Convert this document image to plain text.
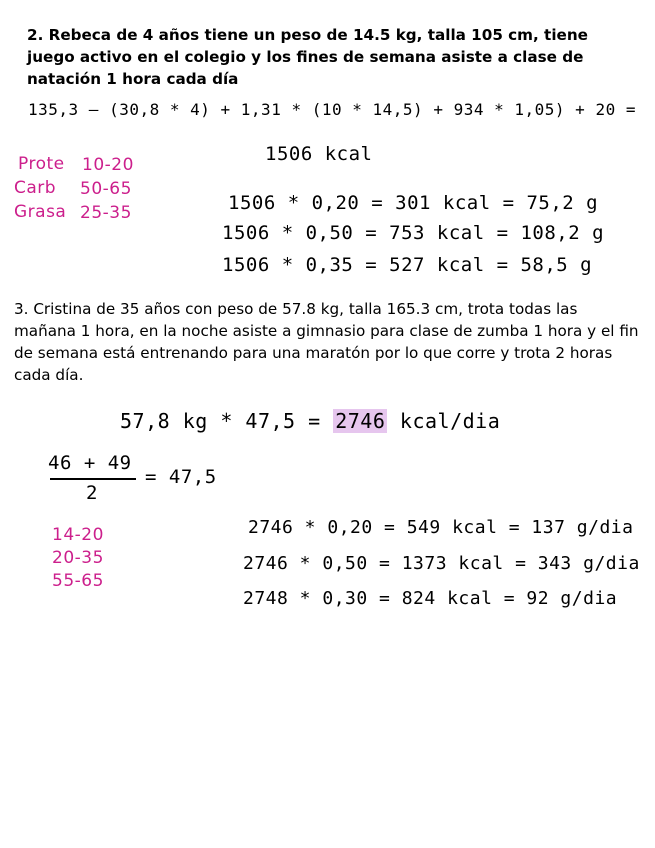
2. Rebeca de 4 años tiene un peso de 14.5 kg, talla 105 cm, tiene juego activo en el colegio y los fines de semana asiste a clase de natación 1 hora cada día
135,3 – (30,8 * 4) + 1,31 * (10 * 14,5) + 934 * 1,05) + 20 =
1506 kcal
Prote 10-20
Carb 50-65
Grasa 25-35	1506 * 0,20 = 301 kcal = 75,2 g
1506 * 0,50 = 753 kcal = 108,2 g
1506 * 0,35 = 527 kcal = 58,5 g
3. Cristina de 35 años con peso de 57.8 kg, talla 165.3 cm, trota todas las mañana 1 hora, en la noche asiste a gimnasio para clase de zumba 1 hora y el fin de semana está entrenando para una maratón por lo que corre y trota 2 horas cada día.
57,8 kg * 47,5 = 2746 kcal/dia
46 + 49
2
= 47,5
14-20
20-35
55-65
2746 * 0,20 = 549 kcal = 137 g/dia
2746 * 0,50 = 1373 kcal = 343 g/dia
2748 * 0,30 = 824 kcal = 92 g/dia
